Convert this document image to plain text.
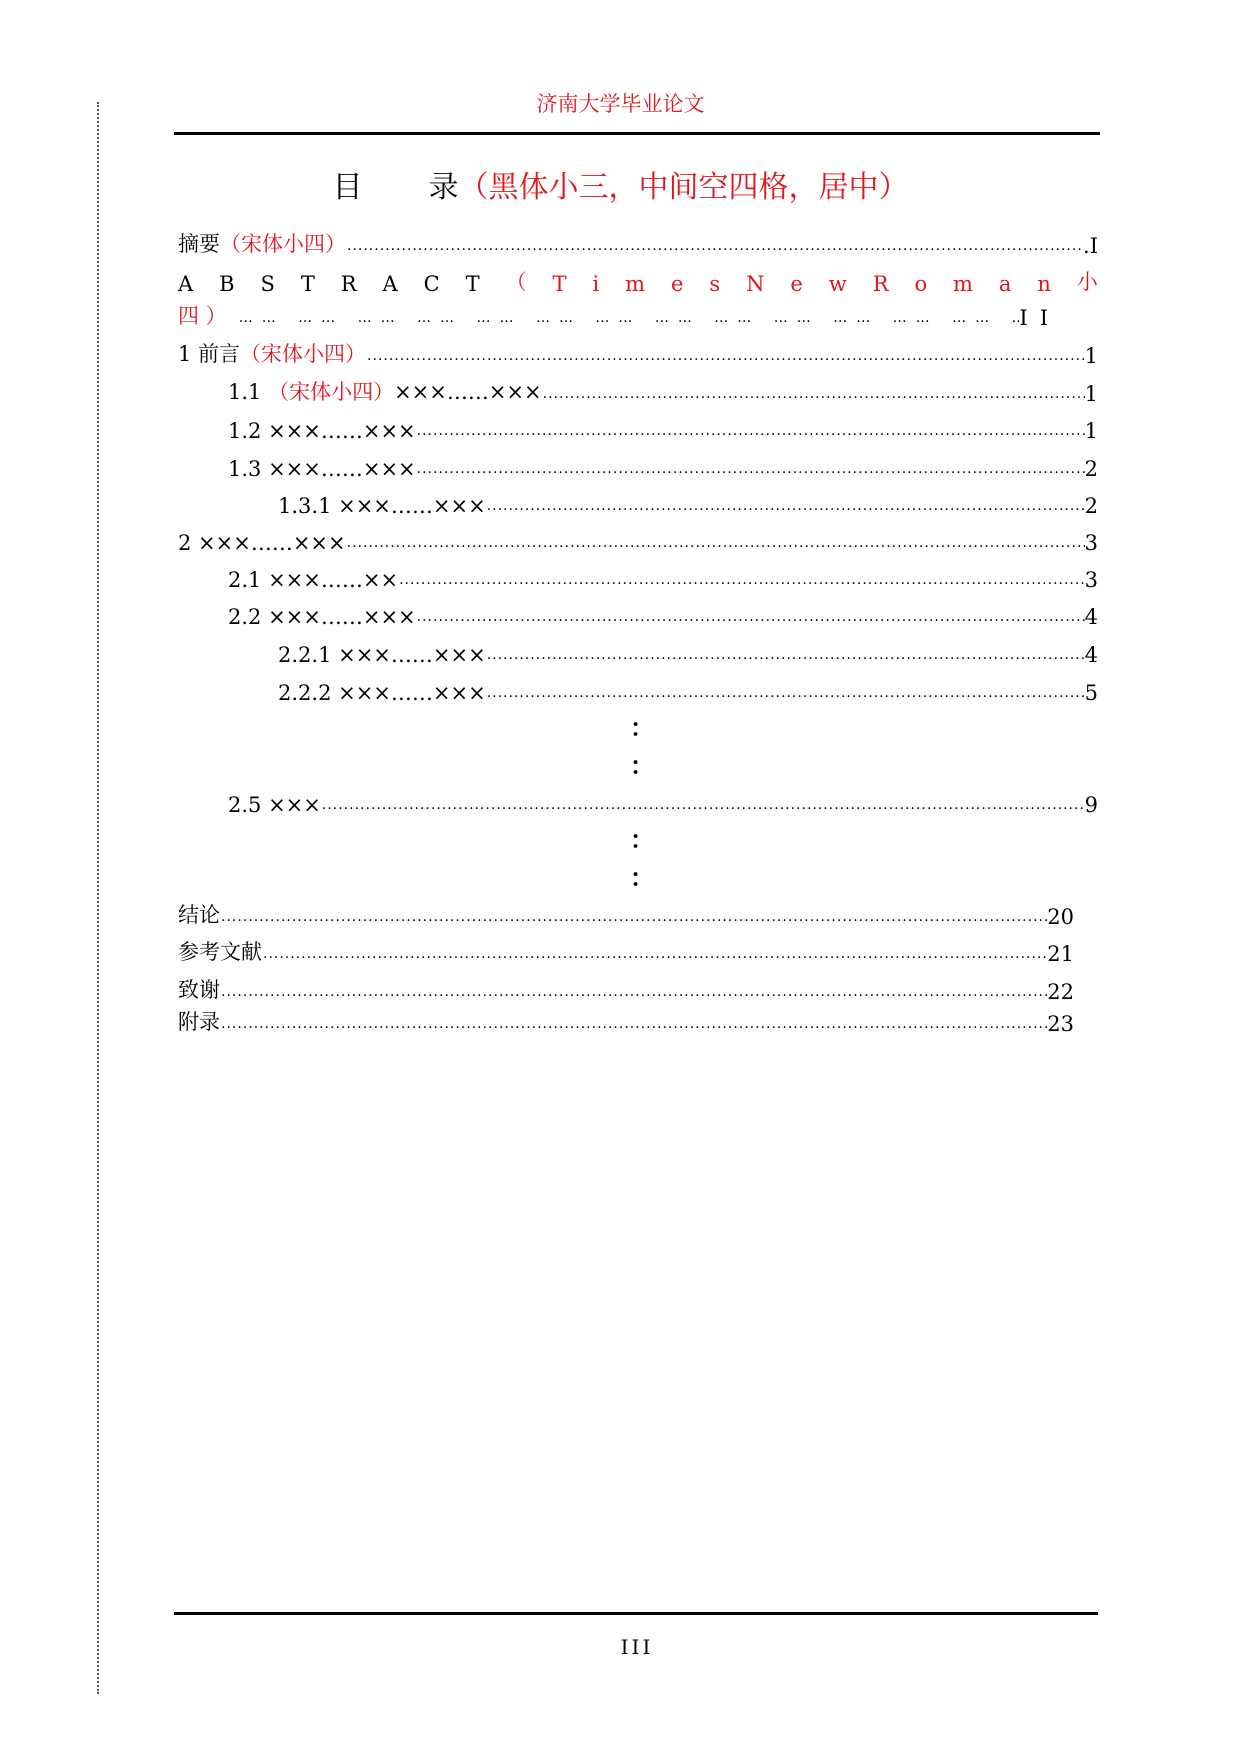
济南大学毕业论文
目 录（黑体小三，中间空四格，居中）
摘要（宋体小四） .....	.I
A B S T R A C T （ T i m e s N e w R o m a n 小
四 ） …… …… …… …… …… …… …… …… …… …… …… …… …… …… …… …… …… …… …… …… …… …… …… ……	II
1 前言（宋体小四） .....	1
1.1 （宋体小四）×××……××× .....	1
1.2 ×××……××× .....	1
1.3 ×××……××× .....	2
1.3.1 ×××……××× .....	2
2 ×××……××× .....	3
2.1 ×××……×× .....	3
2.2 ×××……××× .....	4
2.2.1 ×××……××× .....	4
2.2.2 ×××……××× .....	5
2.5 ××× .....	9
：
：
：
：
结论 .....	20
参考文献 .....	21
致谢 .....	22
附录 .....	23
III
